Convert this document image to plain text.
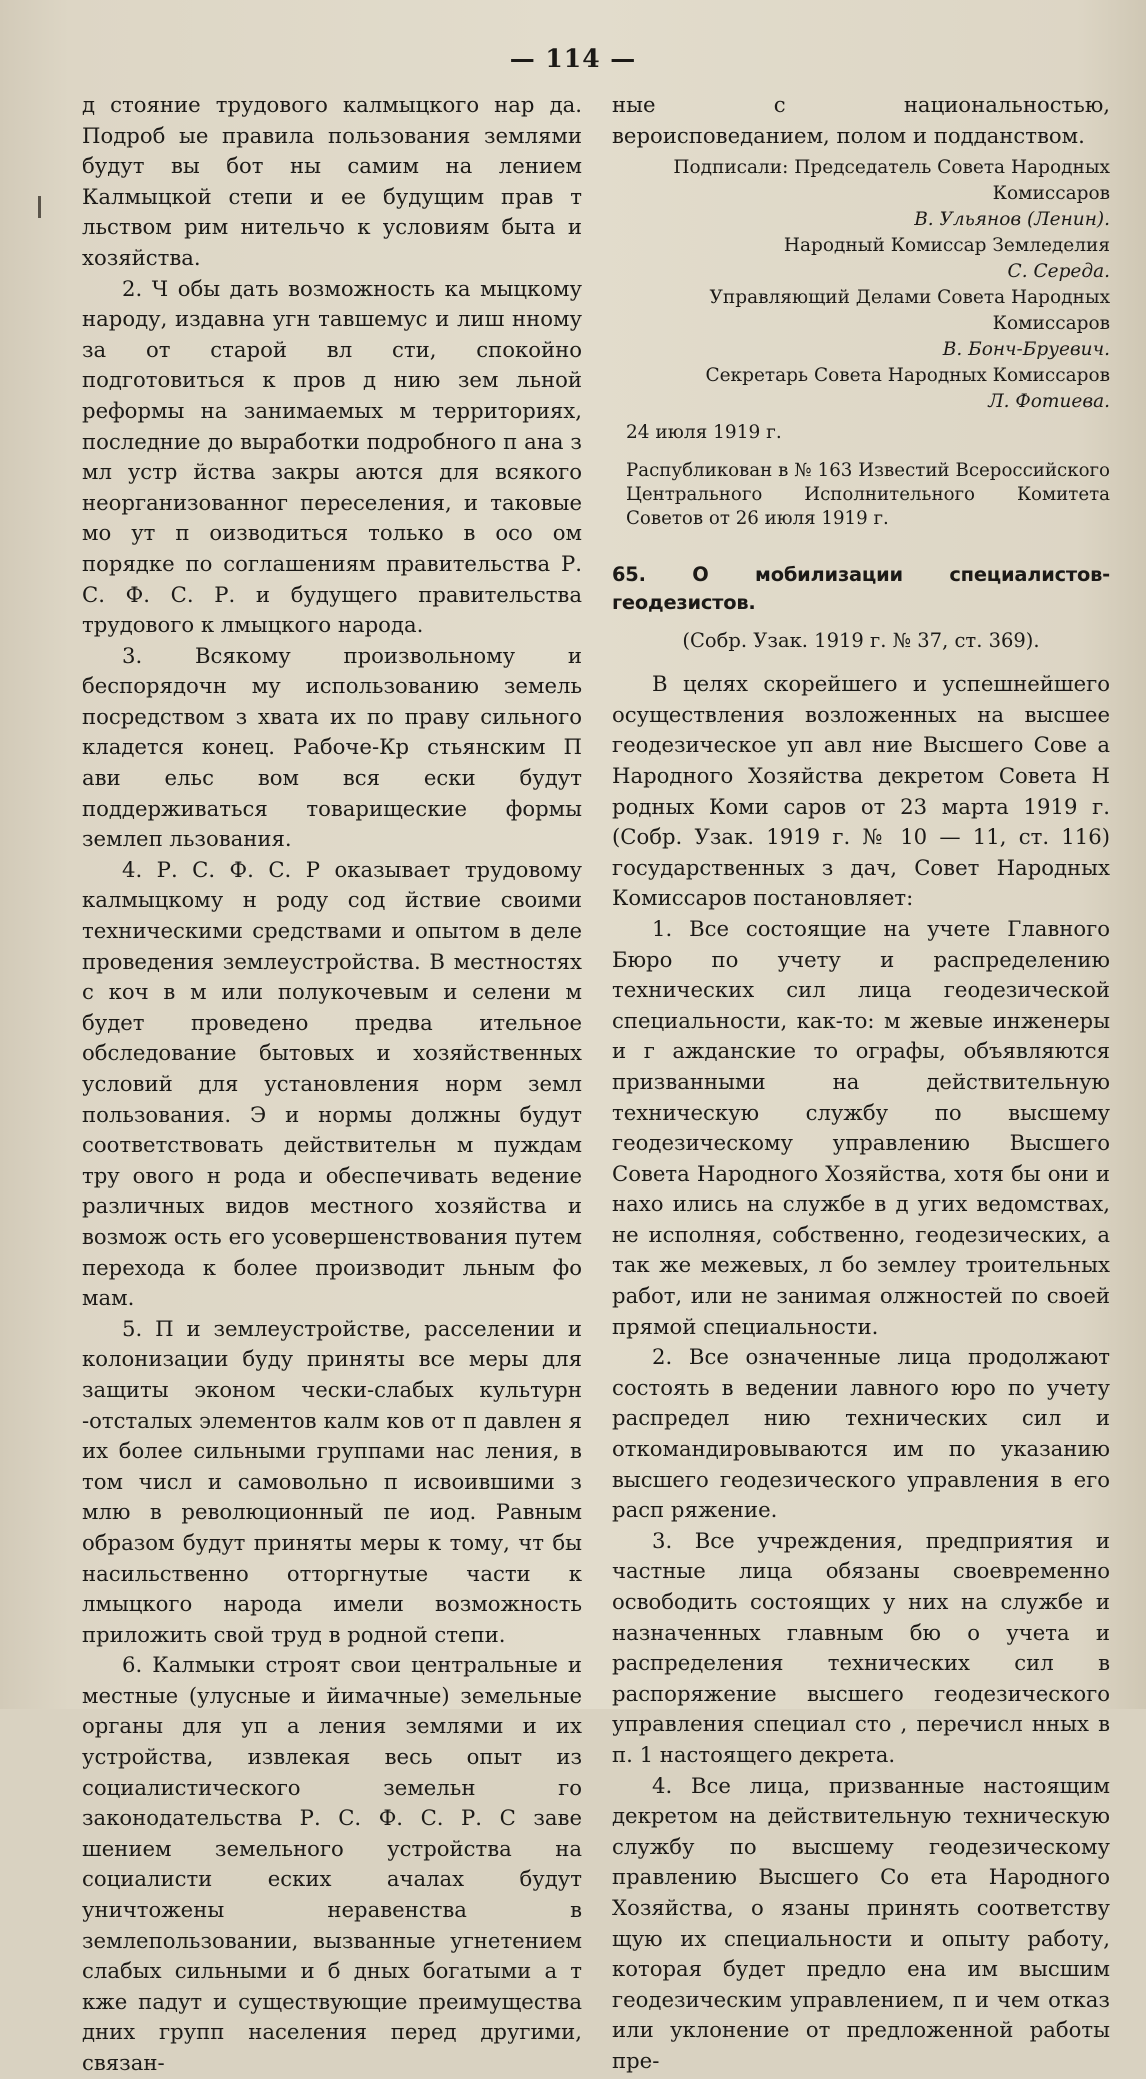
— 114 —

д стояние трудового калмыцкого нар да. Подроб ые правила пользования землями будут вы бот ны самим на лением Калмыцкой степи и ее будущим прав т льством рим нительчо к условиям быта и хозяйства.

2. Ч обы дать возможность ка мыцкому народу, издавна угн тавшемус и лиш нному за от старой вл сти, спокойно подготовиться к пров д нию зем льной реформы на занимаемых м территориях, последние до выработки подробного п ана з мл устр йства закры аются для всякого неорганизованног переселения, и таковые мо ут п оизводиться только в осо ом порядке по соглашениям правительства Р. С. Ф. С. Р. и будущего правительства трудового к лмыцкого народа.

3. Всякому произвольному и беспорядочн му использованию земель посредством з хвата их по праву сильного кладется конец. Рабоче-Кр стьянским П ави ельс вом вся ески будут поддерживаться товарищеские формы землеп льзования.

4. Р. С. Ф. С. Р оказывает трудовому калмыцкому н роду сод йствие своими техническими средствами и опытом в деле проведения землеустройства. В местностях с коч в м или полукочевым и селени м будет проведено предва ительное обследование бытовых и хозяйственных условий для установления норм земл пользования. Э и нормы должны будут соответствовать действительн м пуждам тру ового н рода и обеспечивать ведение различных видов местного хозяйства и возмож ость его усовершенствования путем перехода к более производит льным фо мам.

5. П и землеустройстве, расселении и колонизации буду приняты все меры для защиты эконом чески-слабых культурн -отсталых элементов калм ков от п давлен я их более сильными группами нас ления, в том числ и самовольно п исвоившими з млю в революционный пе иод. Равным образом будут приняты меры к тому, чт бы насильственно отторгнутые части к лмыцкого народа имели возможность приложить свой труд в родной степи.

6. Калмыки строят свои центральные и местные (улусные и йимачные) земельные органы для уп а ления землями и их устройства, извлекая весь опыт из социалистического земельн го законодательства Р. С. Ф. С. Р. С заве шением земельного устройства на социалисти еских ачалах будут уничтожены неравенства в землепользовании, вызванные угнетением слабых сильными и б дных богатыми а т кже падут и существующие преимущества дних групп населения перед другими, связан-

ные с национальностью, вероисповеданием, полом и подданством.

Подписали: Председатель Совета Народных Комиссаров
В. Ульянов (Ленин).
Народный Комиссар Земледелия
С. Середа.
Управляющий Делами Совета Народных Комиссаров
В. Бонч-Бруевич.
Секретарь Совета Народных Комиссаров
Л. Фотиева.
24 июля 1919 г.
Распубликован в № 163 Известий Всероссийского Центрального Исполнительного Комитета Советов от 26 июля 1919 г.
65. О мобилизации специалистов-геодезистов.
(Собр. Узак. 1919 г. № 37, ст. 369).

В целях скорейшего и успешнейшего осуществления возложенных на высшее геодезическое уп авл ние Высшего Сове а Народного Хозяйства декретом Совета Н родных Коми саров от 23 марта 1919 г. (Собр. Узак. 1919 г. № 10 — 11, ст. 116) государственных з дач, Совет Народных Комиссаров постановляет:

1. Все состоящие на учете Главного Бюро по учету и распределению технических сил лица геодезической специальности, как-то: м жевые инженеры и г ажданские то ографы, объявляются призванными на действительную техническую службу по высшему геодезическому управлению Высшего Совета Народного Хозяйства, хотя бы они и нахо ились на службе в д угих ведомствах, не исполняя, собственно, геодезических, а так же межевых, л бо землеу троительных работ, или не занимая олжностей по своей прямой специальности.

2. Все означенные лица продолжают состоять в ведении лавного юро по учету распредел нию технических сил и откомандировываются им по указанию высшего геодезического управления в его расп ряжение.

3. Все учреждения, предприятия и частные лица обязаны своевременно освободить состоящих у них на службе и назначенных главным бю о учета и распределения технических сил в распоряжение высшего геодезического управления специал сто , перечисл нных в п. 1 настоящего декрета.

4. Все лица, призванные настоящим декретом на действительную техническую службу по высшему геодезическому правлению Высшего Со ета Народного Хозяйства, о язаны принять соответству щую их специальности и опыту работу, которая будет предло ена им высшим геодезическим управлением, п и чем отказ или уклонение от предложенной работы пре-
